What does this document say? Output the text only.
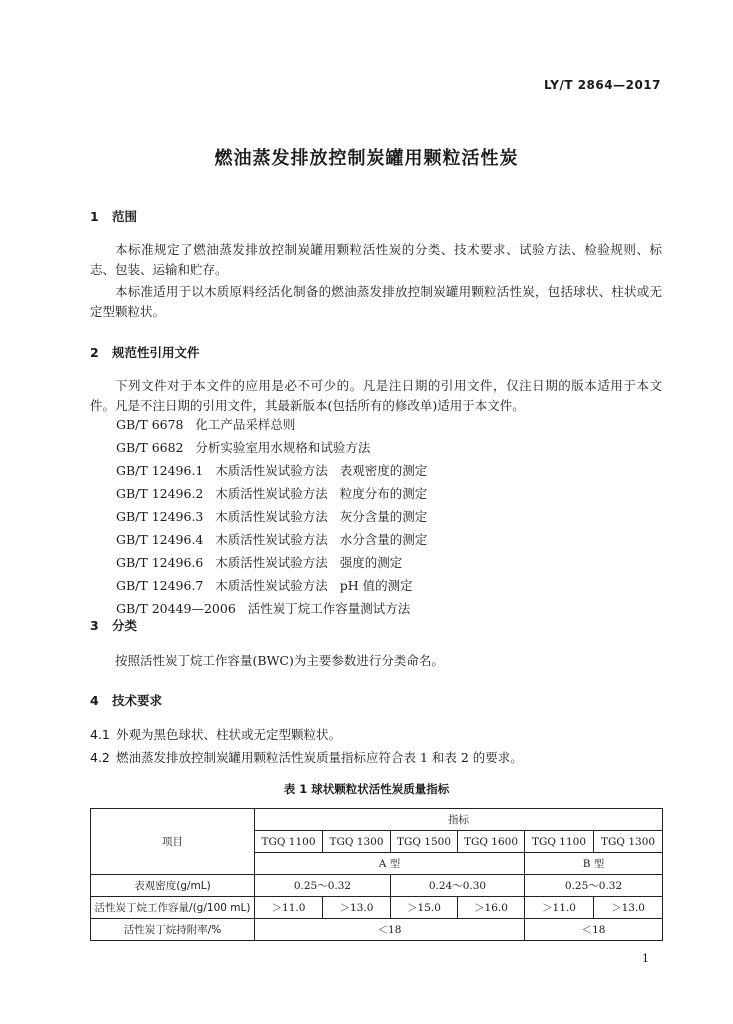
LY/T 2864—2017
燃油蒸发排放控制炭罐用颗粒活性炭
1 范围
本标准规定了燃油蒸发排放控制炭罐用颗粒活性炭的分类、技术要求、试验方法、检验规则、标志、包装、运输和贮存。
本标准适用于以木质原料经活化制备的燃油蒸发排放控制炭罐用颗粒活性炭，包括球状、柱状或无定型颗粒状。
2 规范性引用文件
下列文件对于本文件的应用是必不可少的。凡是注日期的引用文件，仅注日期的版本适用于本文件。凡是不注日期的引用文件，其最新版本(包括所有的修改单)适用于本文件。
GB/T 6678   化工产品采样总则
GB/T 6682   分析实验室用水规格和试验方法
GB/T 12496.1   木质活性炭试验方法   表观密度的测定
GB/T 12496.2   木质活性炭试验方法   粒度分布的测定
GB/T 12496.3   木质活性炭试验方法   灰分含量的测定
GB/T 12496.4   木质活性炭试验方法   水分含量的测定
GB/T 12496.6   木质活性炭试验方法   强度的测定
GB/T 12496.7   木质活性炭试验方法   pH 值的测定
GB/T 20449—2006   活性炭丁烷工作容量测试方法
3 分类
按照活性炭丁烷工作容量(BWC)为主要参数进行分类命名。
4 技术要求
4.1 外观为黑色球状、柱状或无定型颗粒状。
4.2 燃油蒸发排放控制炭罐用颗粒活性炭质量指标应符合表 1 和表 2 的要求。
表 1 球状颗粒状活性炭质量指标
项目	指标					
	TGQ 1100	TGQ 1300	TGQ 1500	TGQ 1600	TGQ 1100	TGQ 1300
	A 型				B 型	
表观密度(g/mL)	0.25～0.32		0.24～0.30		0.25～0.32	
活性炭丁烷工作容量/(g/100 mL)	＞11.0	＞13.0	＞15.0	＞16.0	＞11.0	＞13.0
活性炭丁烷持附率/%	＜18				＜18	
1
